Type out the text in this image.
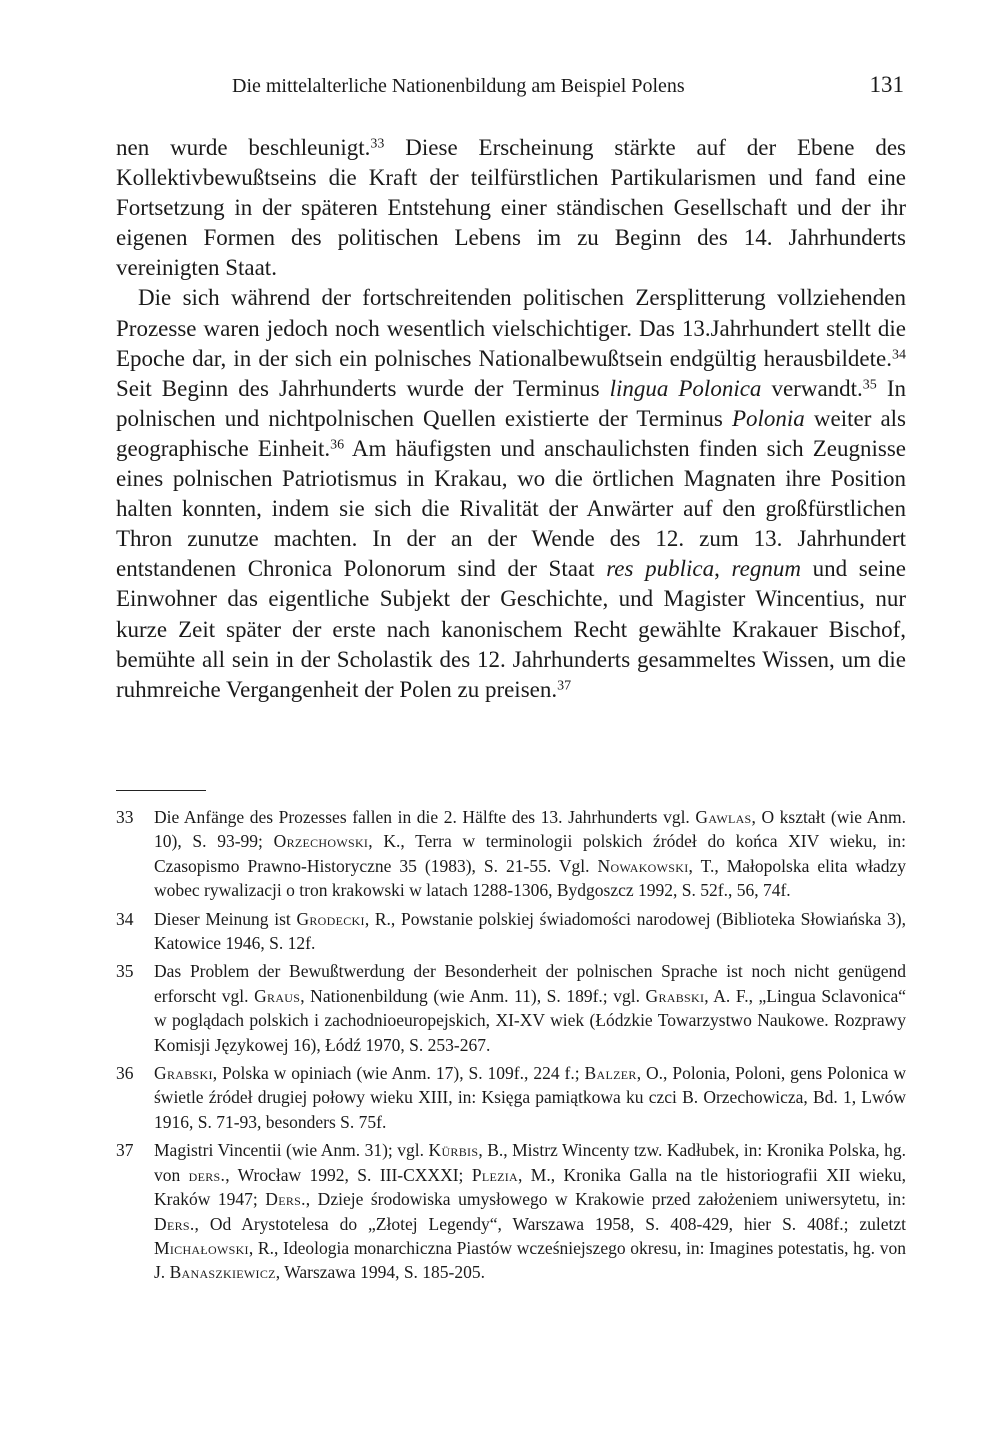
Die mittelalterliche Nationenbildung am Beispiel Polens	131

nen wurde beschleunigt.$^{33}$ Diese Erscheinung stärkte auf der Ebene des Kollektivbewußtseins die Kraft der teilfürstlichen Partikularismen und fand eine Fortsetzung in der späteren Entstehung einer ständischen Gesellschaft und der ihr eigenen Formen des politischen Lebens im zu Beginn des 14. Jahrhunderts vereinigten Staat.

Die sich während der fortschreitenden politischen Zersplitterung vollziehenden Prozesse waren jedoch noch wesentlich vielschichtiger. Das 13.Jahrhundert stellt die Epoche dar, in der sich ein polnisches Nationalbewußtsein endgültig herausbildete.$^{34}$ Seit Beginn des Jahrhunderts wurde der Terminus lingua Polonica verwandt.$^{35}$ In polnischen und nichtpolnischen Quellen existierte der Terminus Polonia weiter als geographische Einheit.$^{36}$ Am häufigsten und anschaulichsten finden sich Zeugnisse eines polnischen Patriotismus in Krakau, wo die örtlichen Magnaten ihre Position halten konnten, indem sie sich die Rivalität der Anwärter auf den großfürstlichen Thron zunutze machten. In der an der Wende des 12. zum 13. Jahrhundert entstandenen Chronica Polonorum sind der Staat res publica, regnum und seine Einwohner das eigentliche Subjekt der Geschichte, und Magister Wincentius, nur kurze Zeit später der erste nach kanonischem Recht gewählte Krakauer Bischof, bemühte all sein in der Scholastik des 12. Jahrhunderts gesammeltes Wissen, um die ruhmreiche Vergangenheit der Polen zu preisen.$^{37}$

33	Die Anfänge des Prozesses fallen in die 2. Hälfte des 13. Jahrhunderts vgl. Gawlas, O kształt (wie Anm. 10), S. 93-99; Orzechowski, K., Terra w terminologii polskich źródeł do końca XIV wieku, in: Czasopismo Prawno-Historyczne 35 (1983), S. 21-55. Vgl. Nowakowski, T., Małopolska elita władzy wobec rywalizacji o tron krakowski w latach 1288-1306, Bydgoszcz 1992, S. 52f., 56, 74f.
34	Dieser Meinung ist Grodecki, R., Powstanie polskiej świadomości narodowej (Biblioteka Słowiańska 3), Katowice 1946, S. 12f.
35	Das Problem der Bewußtwerdung der Besonderheit der polnischen Sprache ist noch nicht genügend erforscht vgl. Graus, Nationenbildung (wie Anm. 11), S. 189f.; vgl. Grabski, A. F., „Lingua Sclavonica“ w poglądach polskich i zachodnioeuropejskich, XI-XV wiek (Łódzkie Towarzystwo Naukowe. Rozprawy Komisji Językowej 16), Łódź 1970, S. 253-267.
36	Grabski, Polska w opiniach (wie Anm. 17), S. 109f., 224 f.; Balzer, O., Polonia, Poloni, gens Polonica w świetle źródeł drugiej połowy wieku XIII, in: Księga pamiątkowa ku czci B. Orzechowicza, Bd. 1, Lwów 1916, S. 71-93, besonders S. 75f.
37	Magistri Vincentii (wie Anm. 31); vgl. Kürbis, B., Mistrz Wincenty tzw. Kadłubek, in: Kronika Polska, hg. von ders., Wrocław 1992, S. III-CXXXI; Plezia, M., Kronika Galla na tle historiografii XII wieku, Kraków 1947; Ders., Dzieje środowiska umysłowego w Krakowie przed założeniem uniwersytetu, in: Ders., Od Arystotelesa do „Złotej Legendy“, Warszawa 1958, S. 408-429, hier S. 408f.; zuletzt Michałowski, R., Ideologia monarchiczna Piastów wcześniejszego okresu, in: Imagines potestatis, hg. von J. Banaszkiewicz, Warszawa 1994, S. 185-205.
